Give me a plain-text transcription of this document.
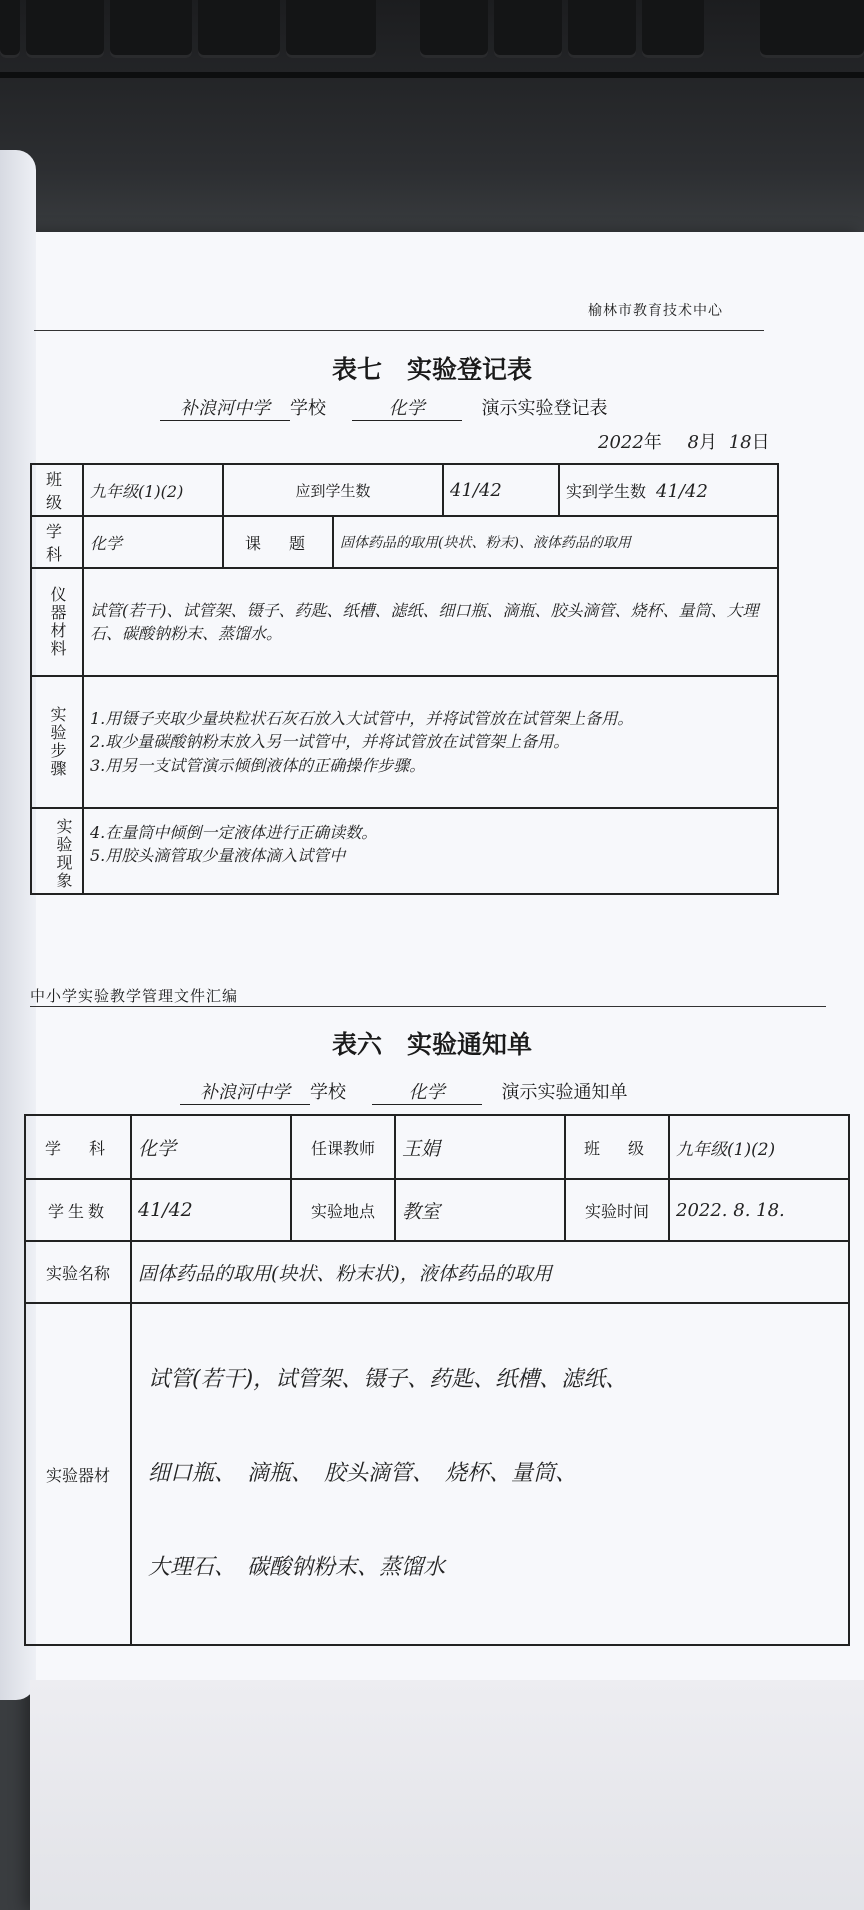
榆林市教育技术中心
表七　实验登记表
补浪河中学 学校	化学	演示实验登记表
2022年 8月 18日
班　级	九年级(1)(2)	应到学生数		41/42	实到学生数 41/42
学　科	化学	课　题	固体药品的取用(块状、粉末)、液体药品的取用		
仪器材料	试管(若干)、试管架、镊子、药匙、纸槽、滤纸、细口瓶、滴瓶、胶头滴管、烧杯、量筒、大理石、碳酸钠粉末、蒸馏水。				
实验步骤	1.用镊子夹取少量块粒状石灰石放入大试管中，并将试管放在试管架上备用。
2.取少量碳酸钠粉末放入另一试管中，并将试管放在试管架上备用。
3.用另一支试管演示倾倒液体的正确操作步骤。				

实验现象	4.在量筒中倾倒一定液体进行正确读数。
5.用胶头滴管取少量液体滴入试管中				
中小学实验教学管理文件汇编
表六　实验通知单
补浪河中学 学校	化学	演示实验通知单
学　科	化学	任课教师	王娟	班　级	九年级(1)(2)
学生数	41/42	实验地点	教室	实验时间	2022. 8. 18.
实验名称	固体药品的取用(块状、粉末状)，液体药品的取用				
实验器材	试管(若干)，试管架、镊子、药匙、纸槽、滤纸、
细口瓶、　滴瓶、　胶头滴管、　烧杯、量筒、
大理石、　碳酸钠粉末、蒸馏水				
